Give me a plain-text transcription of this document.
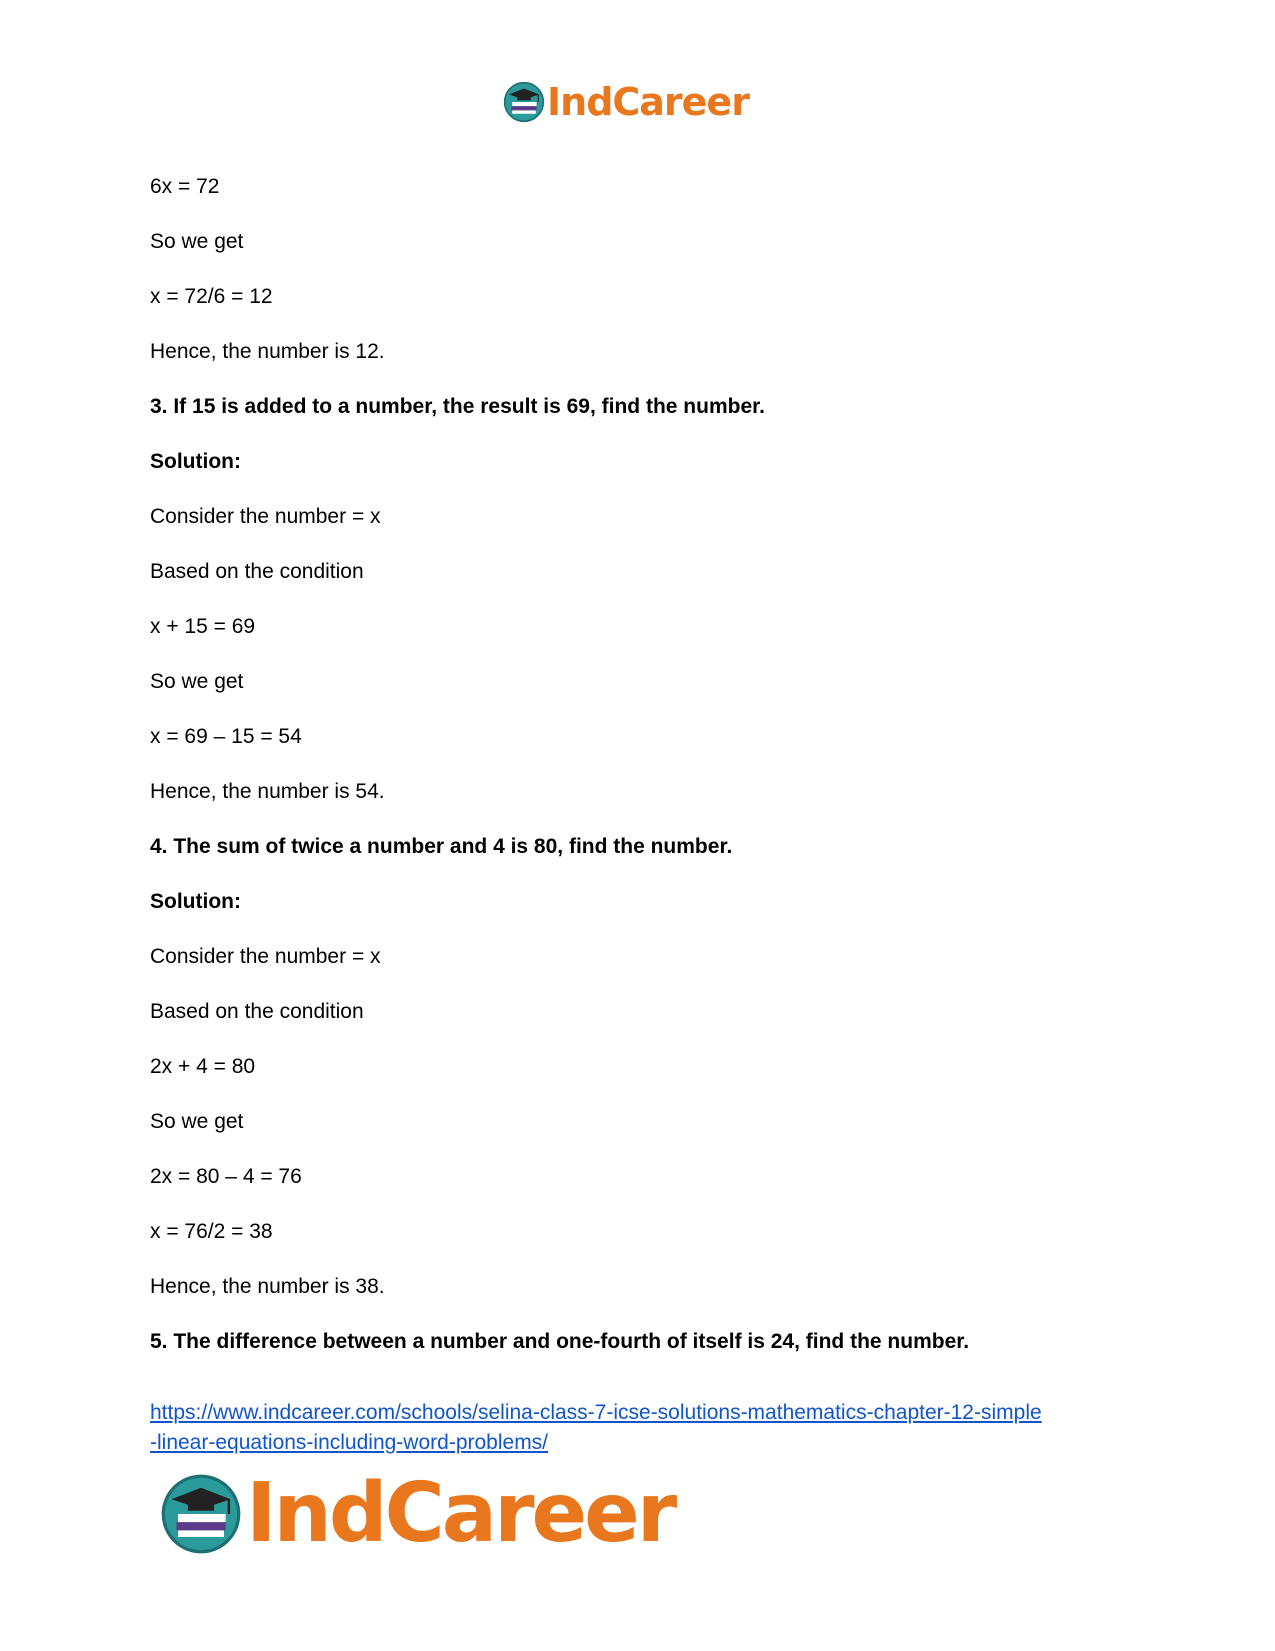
IndCareer
6x = 72
So we get
x = 72/6 = 12
Hence, the number is 12.
3. If 15 is added to a number, the result is 69, find the number.
Solution:
Consider the number = x
Based on the condition
x + 15 = 69
So we get
x = 69 – 15 = 54
Hence, the number is 54.
4. The sum of twice a number and 4 is 80, find the number.
Solution:
Consider the number = x
Based on the condition
2x + 4 = 80
So we get
2x = 80 – 4 = 76
x = 76/2 = 38
Hence, the number is 38.
5. The difference between a number and one-fourth of itself is 24, find the number.
https://www.indcareer.com/schools/selina-class-7-icse-solutions-mathematics-chapter-12-simple
-linear-equations-including-word-problems/
IndCareer
